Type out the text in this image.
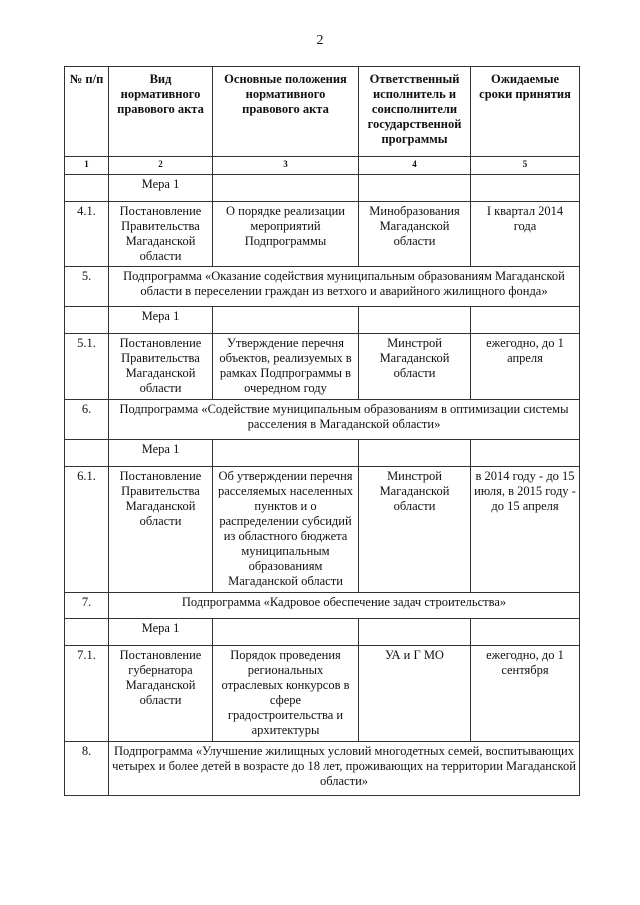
2
№ п/п	Вид нормативного правового акта	Основные положения нормативного правового акта	Ответственный исполнитель и соисполнители государственной программы	Ожидаемые сроки принятия
1	2	3	4	5
	Мера 1			
4.1.	Постановление Правительства Магаданской области	О порядке реализации мероприятий Подпрограммы	Минобразования Магаданской области	I квартал 2014 года
5.	Подпрограмма «Оказание содействия муниципальным образованиям Магаданской области в переселении граждан из ветхого и аварийного жилищного фонда»			
	Мера 1			
5.1.	Постановление Правительства Магаданской области	Утверждение перечня объектов, реализуемых в рамках Подпрограммы в очередном году	Минстрой Магаданской области	ежегодно, до 1 апреля
6.	Подпрограмма «Содействие муниципальным образованиям в оптимизации системы расселения в Магаданской области»			
	Мера 1			
6.1.	Постановление Правительства Магаданской области	Об утверждении перечня расселяемых населенных пунктов и о распределении субсидий из областного бюджета муниципальным образованиям Магаданской области	Минстрой Магаданской области	в 2014 году - до 15 июля, в 2015 году - до 15 апреля
7.	Подпрограмма «Кадровое обеспечение задач строительства»			
	Мера 1			
7.1.	Постановление губернатора Магаданской области	Порядок проведения региональных отраслевых конкурсов в сфере градостроительства и архитектуры	УА и Г МО	ежегодно, до 1 сентября
8.	Подпрограмма «Улучшение жилищных условий многодетных семей, воспитывающих четырех и более детей в возрасте до 18 лет, проживающих на территории Магаданской области»			
